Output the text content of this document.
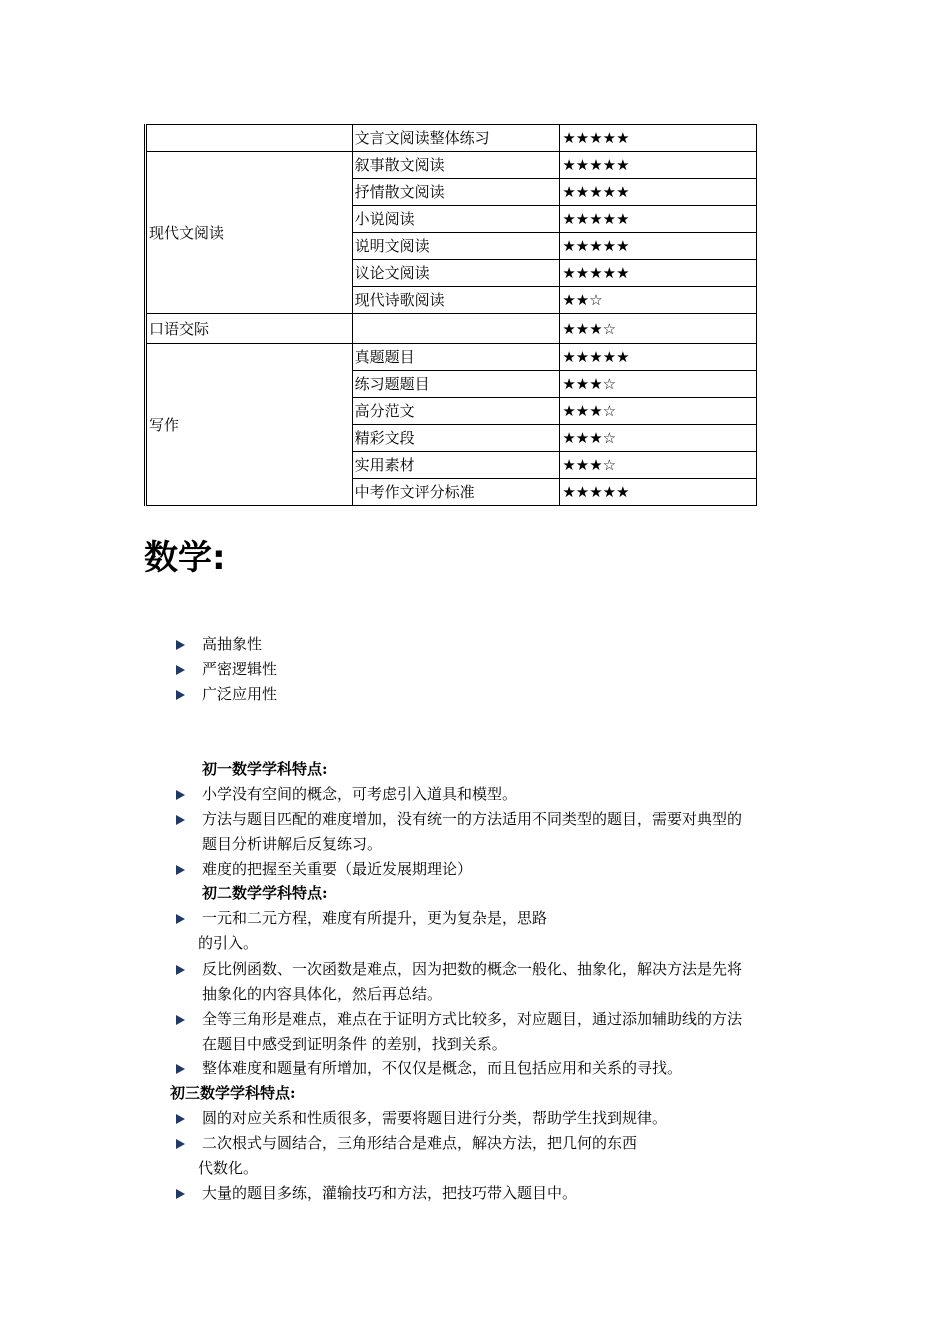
	文言文阅读整体练习	★★★★★
现代文阅读	叙事散文阅读	★★★★★
	抒情散文阅读	★★★★★
	小说阅读	★★★★★
	说明文阅读	★★★★★
	议论文阅读	★★★★★
	现代诗歌阅读	★★☆
口语交际		★★★☆
写作	真题题目	★★★★★
	练习题题目	★★★☆
	高分范文	★★★☆
	精彩文段	★★★☆
	实用素材	★★★☆
	中考作文评分标准	★★★★★
数学:
高抽象性
严密逻辑性
广泛应用性

初一数学学科特点:

小学没有空间的概念，可考虑引入道具和模型。
方法与题目匹配的难度增加，没有统一的方法适用不同类型的题目，需要对典型的
题目分析讲解后反复练习。
难度的把握至关重要（最近发展期理论）

初二数学学科特点:

一元和二元方程，难度有所提升，更为复杂是，思路
的引入。
反比例函数、一次函数是难点，因为把数的概念一般化、抽象化，解决方法是先将
抽象化的内容具体化，然后再总结。
全等三角形是难点，难点在于证明方式比较多，对应题目，通过添加辅助线的方法
在题目中感受到证明条件 的差别，找到关系。
整体难度和题量有所增加，不仅仅是概念，而且包括应用和关系的寻找。

初三数学学科特点:

圆的对应关系和性质很多，需要将题目进行分类，帮助学生找到规律。
二次根式与圆结合，三角形结合是难点，解决方法，把几何的东西
代数化。
大量的题目多练，灌输技巧和方法，把技巧带入题目中。
